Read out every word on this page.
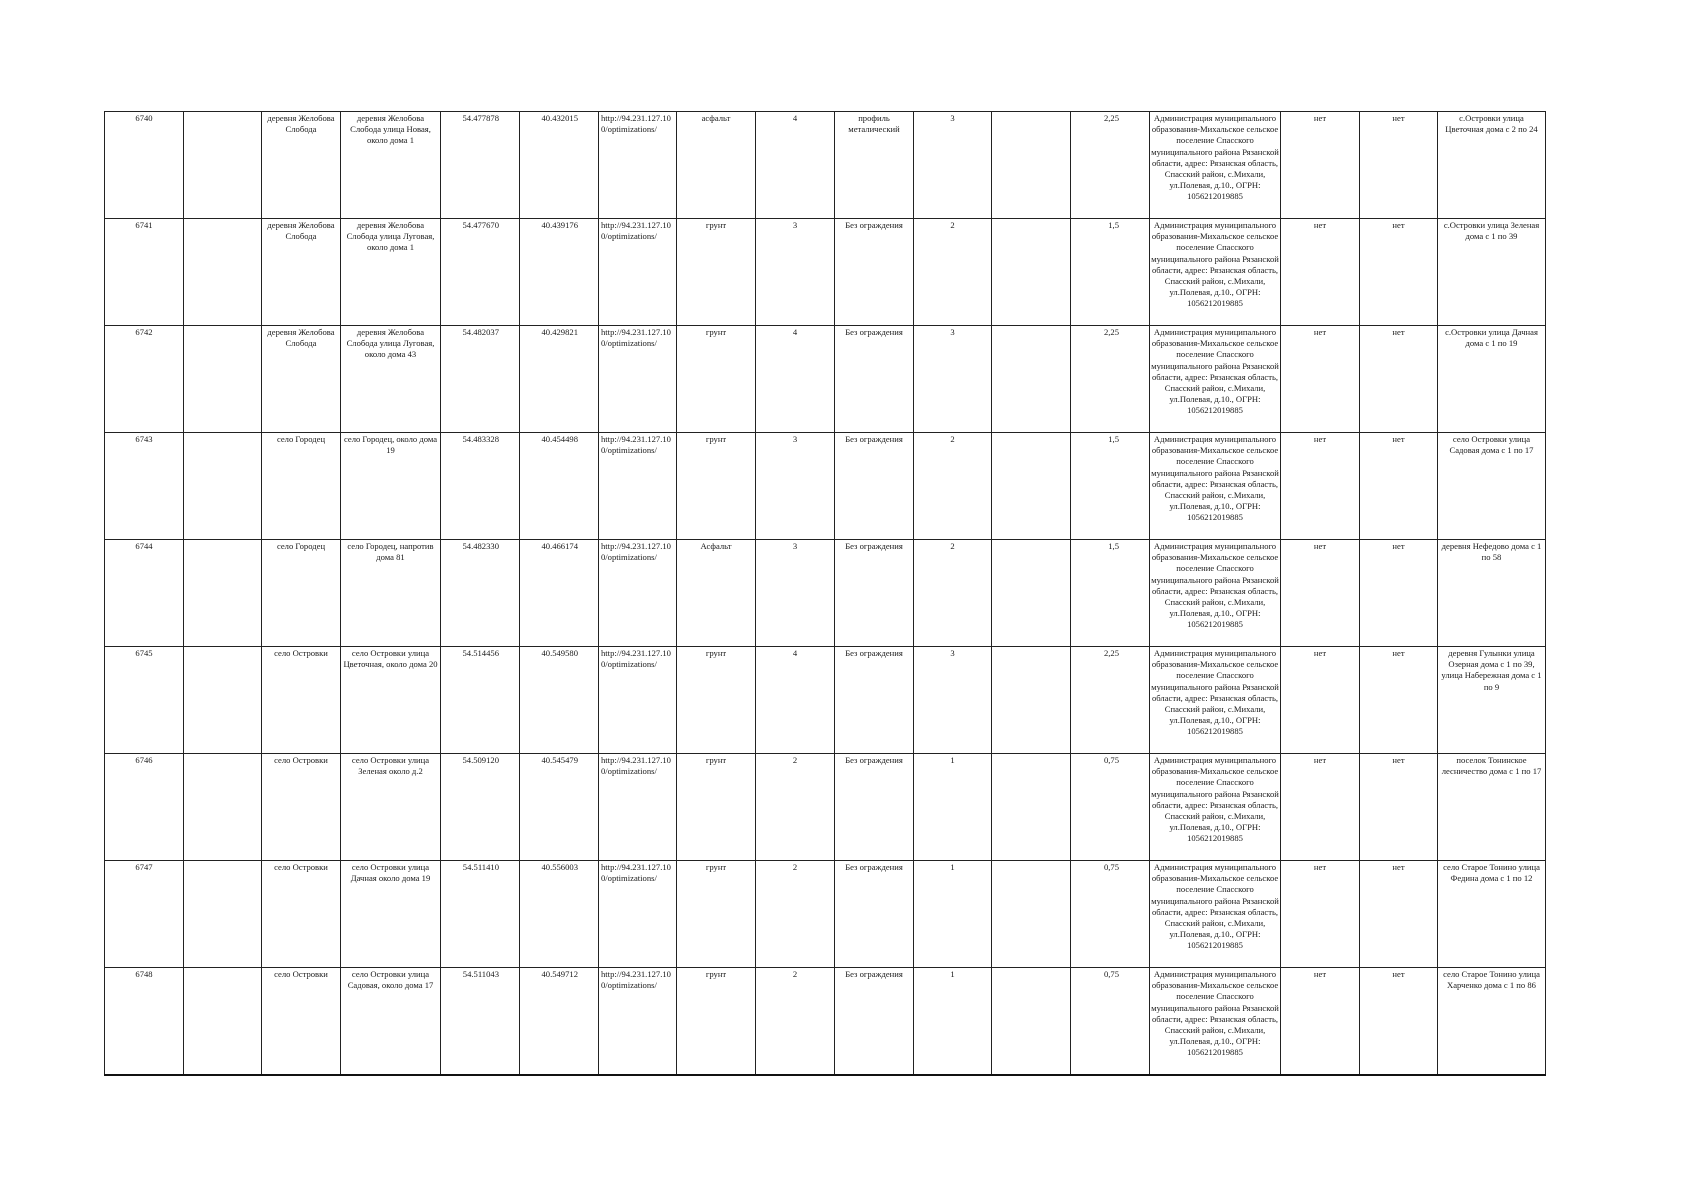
6740		деревня Желобова Слобода	деревня Желобова Слобода улица Новая, около дома 1	54.477878	40.432015	http://94.231.127.100/optimizations/	асфальт	4	профиль металический	3		2,25	Администрация муниципального образования-Михальское сельское поселение Спасского муниципального района Рязанской области, адрес: Рязанская область, Спасский район, с.Михали, ул.Полевая, д.10., ОГРН: 1056212019885	нет	нет	с.Островки улица Цветочная дома с 2 по 24
6741		деревня Желобова Слобода	деревня Желобова Слобода улица Луговая, около дома 1	54.477670	40.439176	http://94.231.127.100/optimizations/	грунт	3	Без ограждения	2		1,5	Администрация муниципального образования-Михальское сельское поселение Спасского муниципального района Рязанской области, адрес: Рязанская область, Спасский район, с.Михали, ул.Полевая, д.10., ОГРН: 1056212019885	нет	нет	с.Островки улица Зеленая дома с 1 по 39
6742		деревня Желобова Слобода	деревня Желобова Слобода улица Луговая, около дома 43	54.482037	40.429821	http://94.231.127.100/optimizations/	грунт	4	Без ограждения	3		2,25	Администрация муниципального образования-Михальское сельское поселение Спасского муниципального района Рязанской области, адрес: Рязанская область, Спасский район, с.Михали, ул.Полевая, д.10., ОГРН: 1056212019885	нет	нет	с.Островки улица Дачная дома с 1 по 19
6743		село Городец	село Городец, около дома 19	54.483328	40.454498	http://94.231.127.100/optimizations/	грунт	3	Без ограждения	2		1,5	Администрация муниципального образования-Михальское сельское поселение Спасского муниципального района Рязанской области, адрес: Рязанская область, Спасский район, с.Михали, ул.Полевая, д.10., ОГРН: 1056212019885	нет	нет	село Островки улица Садовая дома с 1 по 17
6744		село Городец	село Городец, напротив дома 81	54.482330	40.466174	http://94.231.127.100/optimizations/	Асфальт	3	Без ограждения	2		1,5	Администрация муниципального образования-Михальское сельское поселение Спасского муниципального района Рязанской области, адрес: Рязанская область, Спасский район, с.Михали, ул.Полевая, д.10., ОГРН: 1056212019885	нет	нет	деревня Нефедово дома с 1 по 58
6745		село Островки	село Островки улица Цветочная, около дома 20	54.514456	40.549580	http://94.231.127.100/optimizations/	грунт	4	Без ограждения	3		2,25	Администрация муниципального образования-Михальское сельское поселение Спасского муниципального района Рязанской области, адрес: Рязанская область, Спасский район, с.Михали, ул.Полевая, д.10., ОГРН: 1056212019885	нет	нет	деревня Гулынки улица Озерная дома с 1 по 39, улица Набережная дома с 1 по 9
6746		село Островки	село Островки улица Зеленая около д.2	54.509120	40.545479	http://94.231.127.100/optimizations/	грунт	2	Без ограждения	1		0,75	Администрация муниципального образования-Михальское сельское поселение Спасского муниципального района Рязанской области, адрес: Рязанская область, Спасский район, с.Михали, ул.Полевая, д.10., ОГРН: 1056212019885	нет	нет	поселок Тонинское лесничество дома с 1 по 17
6747		село Островки	село Островки улица Дачная около дома 19	54.511410	40.556003	http://94.231.127.100/optimizations/	грунт	2	Без ограждения	1		0,75	Администрация муниципального образования-Михальское сельское поселение Спасского муниципального района Рязанской области, адрес: Рязанская область, Спасский район, с.Михали, ул.Полевая, д.10., ОГРН: 1056212019885	нет	нет	село Старое Тонино улица Федина дома с 1 по 12
6748		село Островки	село Островки улица Садовая, около дома 17	54.511043	40.549712	http://94.231.127.100/optimizations/	грунт	2	Без ограждения	1		0,75	Администрация муниципального образования-Михальское сельское поселение Спасского муниципального района Рязанской области, адрес: Рязанская область, Спасский район, с.Михали, ул.Полевая, д.10., ОГРН: 1056212019885	нет	нет	село Старое Тонино улица Харченко дома с 1 по 86
